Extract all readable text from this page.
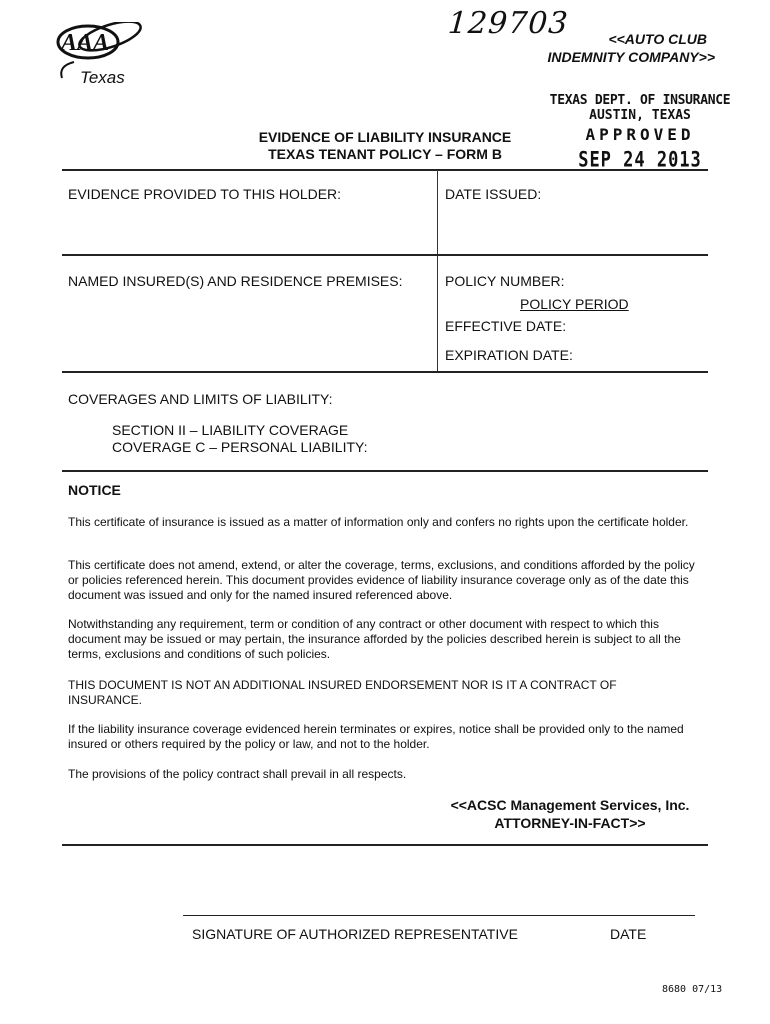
AAA
Texas
129703	<<AUTO CLUB
INDEMNITY COMPANY>>
TEXAS DEPT. OF INSURANCE
AUSTIN, TEXAS
APPROVED
SEP 24 2013
EVIDENCE OF LIABILITY INSURANCE
TEXAS TENANT POLICY – FORM B
EVIDENCE PROVIDED TO THIS HOLDER:	DATE ISSUED:
NAMED INSURED(S) AND RESIDENCE PREMISES:	POLICY NUMBER:
POLICY PERIOD
EFFECTIVE DATE:
EXPIRATION DATE:
COVERAGES AND LIMITS OF LIABILITY:
SECTION II – LIABILITY COVERAGE
COVERAGE C – PERSONAL LIABILITY:
NOTICE
This certificate of insurance is issued as a matter of information only and confers no rights upon the certificate holder.
This certificate does not amend, extend, or alter the coverage, terms, exclusions, and conditions afforded by the policy or policies referenced herein. This document provides evidence of liability insurance coverage only as of the date this document was issued and only for the named insured referenced above.
Notwithstanding any requirement, term or condition of any contract or other document with respect to which this document may be issued or may pertain, the insurance afforded by the policies described herein is subject to all the terms, exclusions and conditions of such policies.
THIS DOCUMENT IS NOT AN ADDITIONAL INSURED ENDORSEMENT NOR IS IT A CONTRACT OF INSURANCE.
If the liability insurance coverage evidenced herein terminates or expires, notice shall be provided only to the named insured or others required by the policy or law, and not to the holder.
The provisions of the policy contract shall prevail in all respects.
<<ACSC Management Services, Inc.
ATTORNEY-IN-FACT>>
SIGNATURE OF AUTHORIZED REPRESENTATIVE	DATE
8680 07/13
